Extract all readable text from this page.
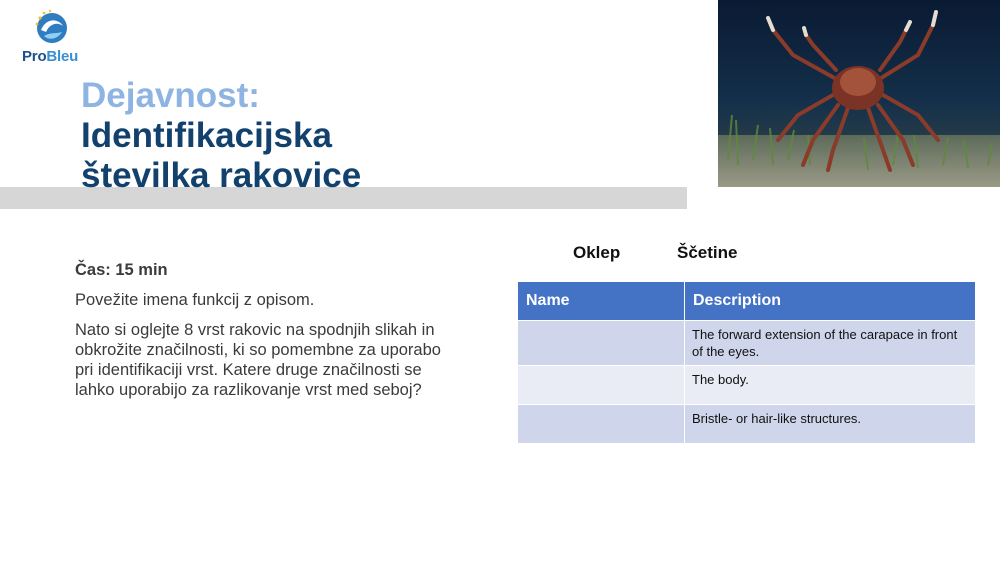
ProBleu
Dejavnost:
Identifikacijska
številka rakovice

Čas: 15 min

Povežite imena funkcij z opisom.

Nato si oglejte 8 vrst rakovic na spodnjih slikah in obkrožite značilnosti, ki so pomembne za uporabo pri identifikaciji vrst. Katere druge značilnosti se lahko uporabijo za razlikovanje vrst med seboj?

Oklep	Ščetine
Name	Description
	The forward extension of the carapace in front of the eyes.
	The body.
	Bristle- or hair-like structures.
